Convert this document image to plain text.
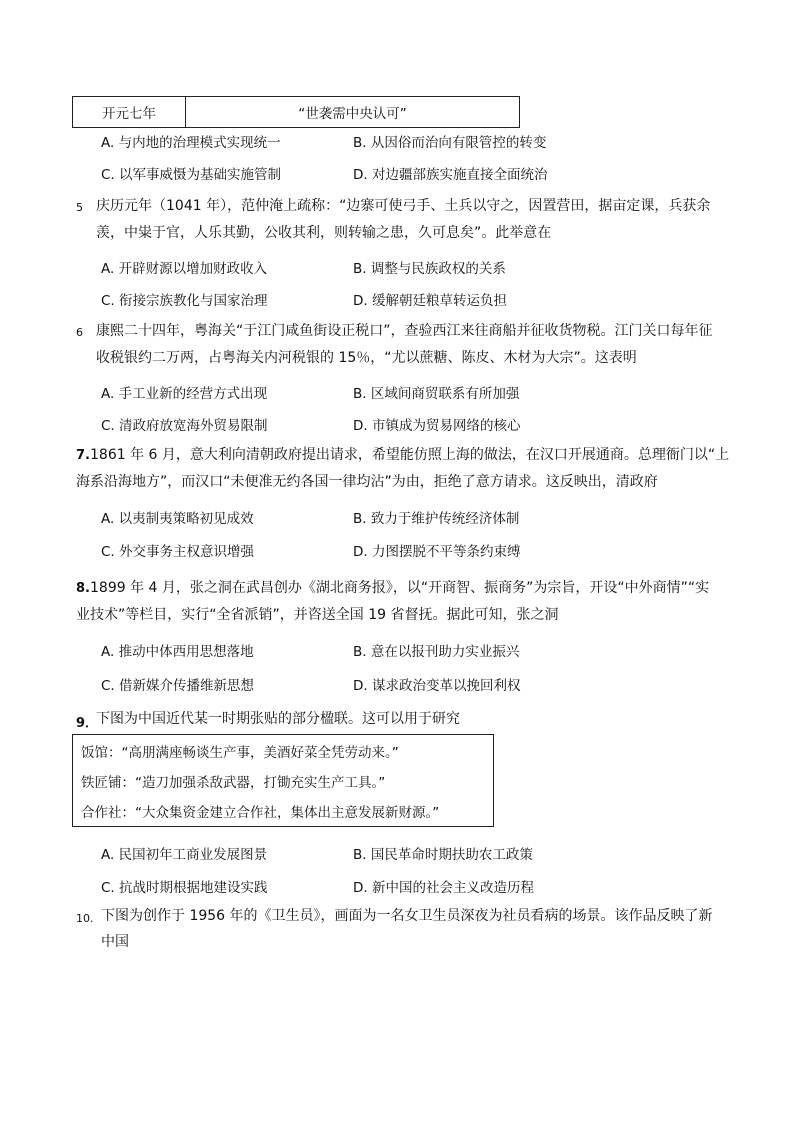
开元七年	“世袭需中央认可”
A. 与内地的治理模式实现统一	B. 从因俗而治向有限管控的转变
C. 以军事威慑为基础实施管制	D. 对边疆部族实施直接全面统治
5 庆历元年（1041 年），范仲淹上疏称：“边寨可使弓手、土兵以守之，因置营田，据亩定课，兵获余
羡，中粜于官，人乐其勤，公收其利，则转输之患，久可息矣”。此举意在
A. 开辟财源以增加财政收入	B. 调整与民族政权的关系
C. 衔接宗族教化与国家治理	D. 缓解朝廷粮草转运负担
6 康熙二十四年，粤海关“于江门咸鱼街设正税口”，查验西江来往商船并征收货物税。江门关口每年征
收税银约二万两，占粤海关内河税银的 15％，“尤以蔗糖、陈皮、木材为大宗”。这表明
A. 手工业新的经营方式出现	B. 区域间商贸联系有所加强
C. 清政府放宽海外贸易限制	D. 市镇成为贸易网络的核心
7. 1861 年 6 月，意大利向清朝政府提出请求，希望能仿照上海的做法，在汉口开展通商。总理衙门以“上
海系沿海地方”，而汉口“未便准无约各国一律均沾”为由，拒绝了意方请求。这反映出，清政府
A. 以夷制夷策略初见成效	B. 致力于维护传统经济体制
C. 外交事务主权意识增强	D. 力图摆脱不平等条约束缚
8. 1899 年 4 月，张之洞在武昌创办《湖北商务报》，以“开商智、振商务”为宗旨，开设“中外商情”“实
业技术”等栏目，实行“全省派销”，并咨送全国 19 省督抚。据此可知，张之洞
A. 推动中体西用思想落地	B. 意在以报刊助力实业振兴
C. 借新媒介传播维新思想	D. 谋求政治变革以挽回利权
9．
下图为中国近代某一时期张贴的部分楹联。这可以用于研究
饭馆：“高朋满座畅谈生产事，美酒好菜全凭劳动来。”
铁匠铺：“造刀加强杀敌武器，打锄充实生产工具。”
合作社：“大众集资金建立合作社，集体出主意发展新财源。”
A. 民国初年工商业发展图景	B. 国民革命时期扶助农工政策
C. 抗战时期根据地建设实践	D. 新中国的社会主义改造历程
10. 下图为创作于 1956 年的《卫生员》，画面为一名女卫生员深夜为社员看病的场景。该作品反映了新
中国
